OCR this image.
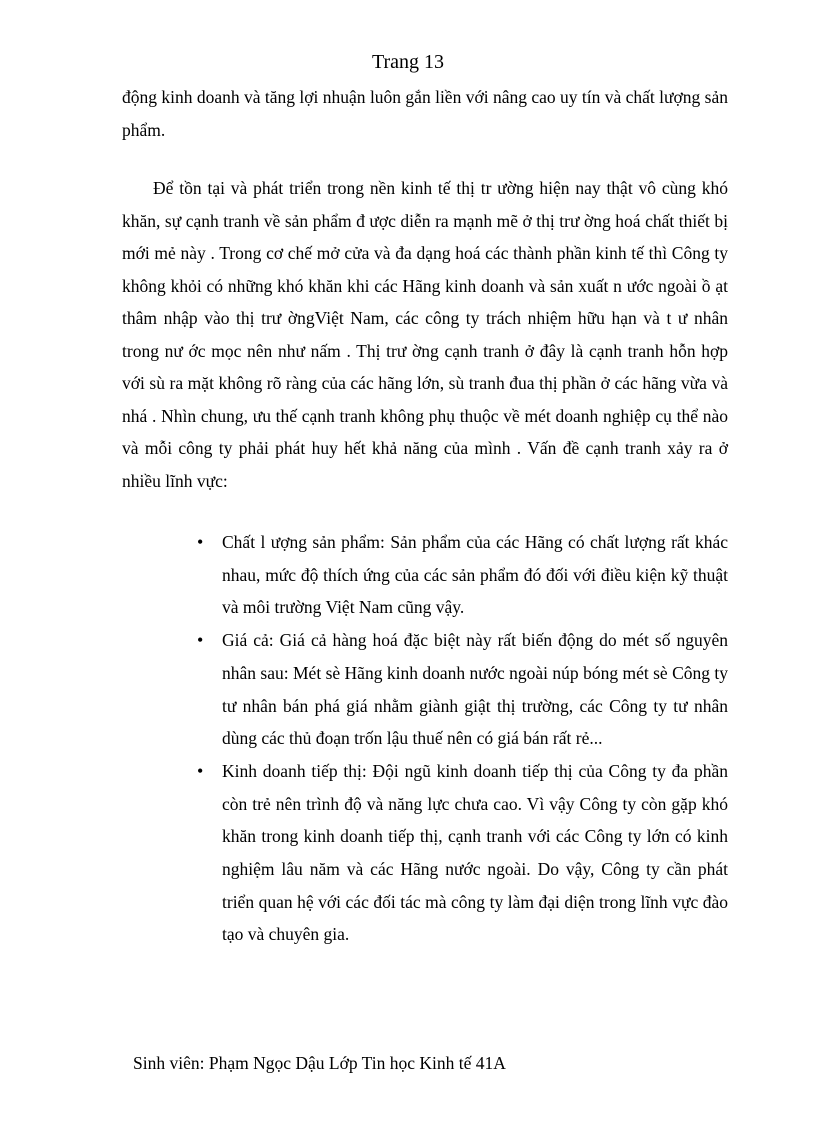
Trang 13

động kinh doanh và tăng lợi nhuận luôn gắn liền với nâng cao uy tín và chất lượng sản phẩm.

Để tồn tại và phát triển trong nền kinh tế thị tr ường hiện nay thật vô cùng khó khăn, sự cạnh tranh về sản phẩm đ ược diễn ra mạnh mẽ ở thị trư ờng hoá chất thiết bị mới mẻ này . Trong cơ chế mở cửa và đa dạng hoá các thành phần kinh tế thì Công ty không khỏi có những khó khăn khi các Hãng kinh doanh và sản xuất n ước ngoài ồ ạt thâm nhập vào thị trư ờngViệt Nam, các công ty trách nhiệm hữu hạn và t ư nhân trong nư ớc mọc nên như nấm . Thị trư ờng cạnh tranh ở đây là cạnh tranh hỗn hợp với sù ra mặt không rõ ràng của các hãng lớn, sù tranh đua thị phần ở các hãng vừa và nhá . Nhìn chung, ưu thế cạnh tranh không phụ thuộc về mét doanh nghiệp cụ thể nào và mỗi công ty phải phát huy hết khả năng của mình . Vấn đề cạnh tranh xảy ra ở nhiều lĩnh vực:

• Chất l ượng sản phẩm: Sản phẩm của các Hãng có chất lượng rất khác nhau, mức độ thích ứng của các sản phẩm đó đối với điều kiện kỹ thuật và môi trường Việt Nam cũng vậy.
• Giá cả: Giá cả hàng hoá đặc biệt này rất biến động do mét số nguyên nhân sau: Mét sè Hãng kinh doanh nước ngoài núp bóng mét sè Công ty tư nhân bán phá giá nhằm giành giật thị trường, các Công ty tư nhân dùng các thủ đoạn trốn lậu thuế nên có giá bán rất rẻ...
• Kinh doanh tiếp thị: Đội ngũ kinh doanh tiếp thị của Công ty đa phần còn trẻ nên trình độ và năng lực chưa cao. Vì vậy Công ty còn gặp khó khăn trong kinh doanh tiếp thị, cạnh tranh với các Công ty lớn có kinh nghiệm lâu năm và các Hãng nước ngoài. Do vậy, Công ty cần phát triển quan hệ với các đối tác mà công ty làm đại diện trong lĩnh vực đào tạo và chuyên gia.
Sinh viên: Phạm Ngọc Dậu Lớp Tin học Kinh tế 41A
